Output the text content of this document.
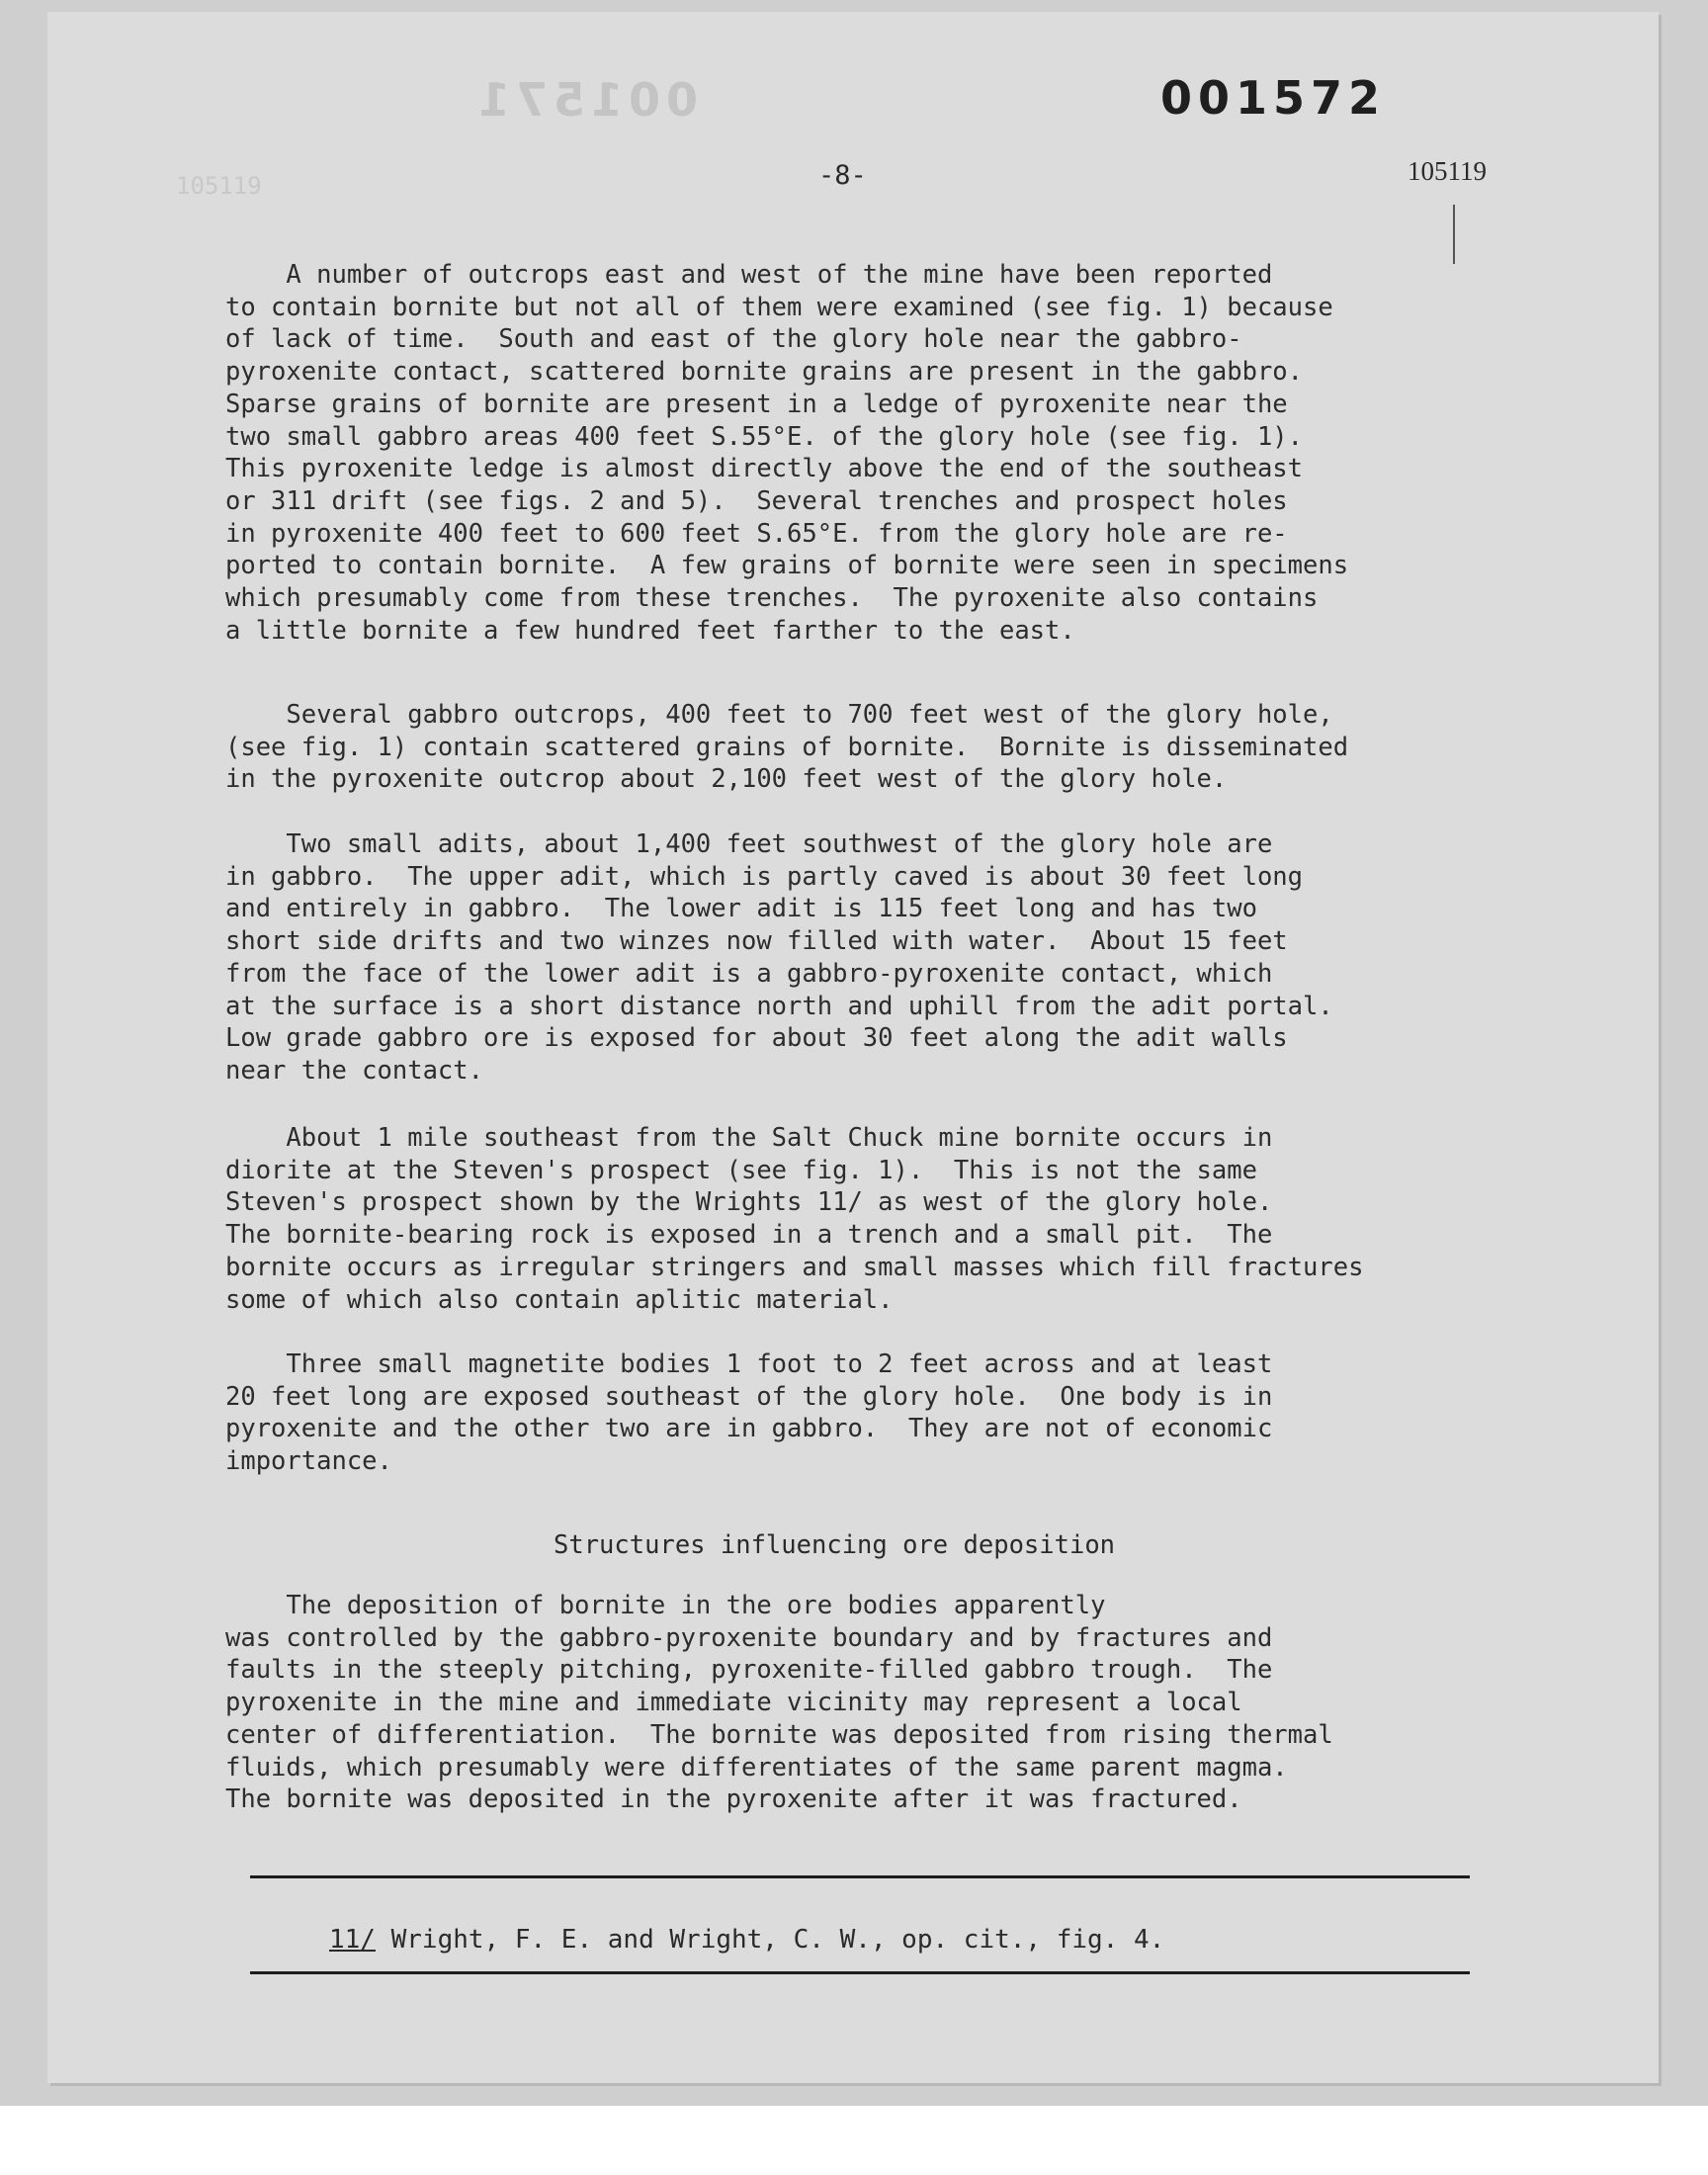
001571	001572
105119	-8-	105119

A number of outcrops east and west of the mine have been reported

to contain bornite but not all of them were examined (see fig. 1) because

of lack of time.  South and east of the glory hole near the gabbro-

pyroxenite contact, scattered bornite grains are present in the gabbro.

Sparse grains of bornite are present in a ledge of pyroxenite near the

two small gabbro areas 400 feet S.55°E. of the glory hole (see fig. 1).

This pyroxenite ledge is almost directly above the end of the southeast

or 311 drift (see figs. 2 and 5).  Several trenches and prospect holes

in pyroxenite 400 feet to 600 feet S.65°E. from the glory hole are re-

ported to contain bornite.  A few grains of bornite were seen in specimens

which presumably come from these trenches.  The pyroxenite also contains

a little bornite a few hundred feet farther to the east.

Several gabbro outcrops, 400 feet to 700 feet west of the glory hole,

(see fig. 1) contain scattered grains of bornite.  Bornite is disseminated

in the pyroxenite outcrop about 2,100 feet west of the glory hole.

Two small adits, about 1,400 feet southwest of the glory hole are

in gabbro.  The upper adit, which is partly caved is about 30 feet long

and entirely in gabbro.  The lower adit is 115 feet long and has two

short side drifts and two winzes now filled with water.  About 15 feet

from the face of the lower adit is a gabbro-pyroxenite contact, which

at the surface is a short distance north and uphill from the adit portal.

Low grade gabbro ore is exposed for about 30 feet along the adit walls

near the contact.

About 1 mile southeast from the Salt Chuck mine bornite occurs in

diorite at the Steven's prospect (see fig. 1).  This is not the same

Steven's prospect shown by the Wrights 11/ as west of the glory hole.

The bornite-bearing rock is exposed in a trench and a small pit.  The

bornite occurs as irregular stringers and small masses which fill fractures

some of which also contain aplitic material.

Three small magnetite bodies 1 foot to 2 feet across and at least

20 feet long are exposed southeast of the glory hole.  One body is in

pyroxenite and the other two are in gabbro.  They are not of economic

importance.

Structures influencing ore deposition

The deposition of bornite in the ore bodies apparently

was controlled by the gabbro-pyroxenite boundary and by fractures and

faults in the steeply pitching, pyroxenite-filled gabbro trough.  The

pyroxenite in the mine and immediate vicinity may represent a local

center of differentiation.  The bornite was deposited from rising thermal

fluids, which presumably were differentiates of the same parent magma.

The bornite was deposited in the pyroxenite after it was fractured.

11/ Wright, F. E. and Wright, C. W., op. cit., fig. 4.
